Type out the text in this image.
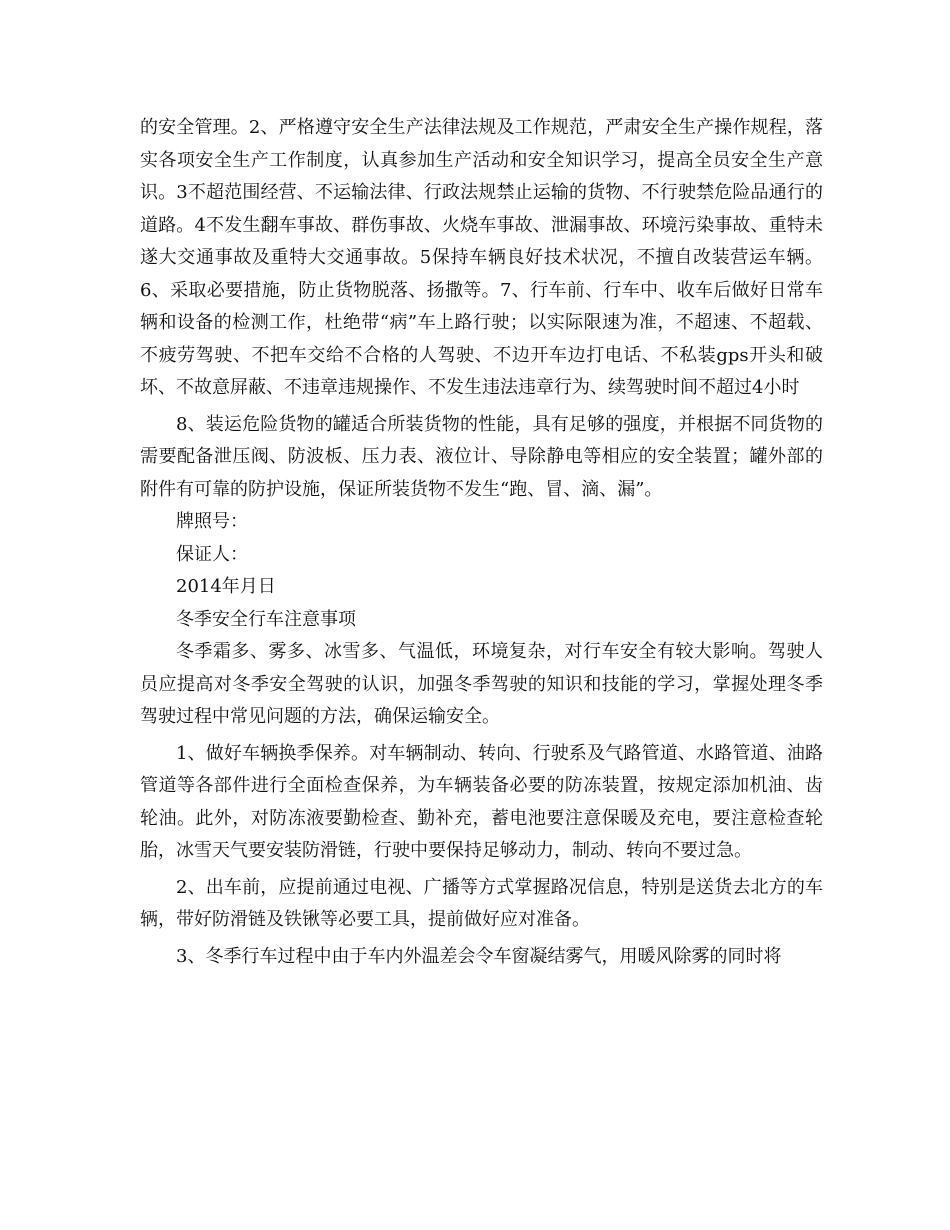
的安全管理。2、严格遵守安全生产法律法规及工作规范，严肃安全生产操作规程，落实各项安全生产工作制度，认真参加生产活动和安全知识学习，提高全员安全生产意识。3不超范围经营、不运输法律、行政法规禁止运输的货物、不行驶禁危险品通行的道路。4不发生翻车事故、群伤事故、火烧车事故、泄漏事故、环境污染事故、重特未遂大交通事故及重特大交通事故。5保持车辆良好技术状况，不擅自改装营运车辆。6、采取必要措施，防止货物脱落、扬撒等。7、行车前、行车中、收车后做好日常车辆和设备的检测工作，杜绝带“病”车上路行驶；以实际限速为准，不超速、不超载、不疲劳驾驶、不把车交给不合格的人驾驶、不边开车边打电话、不私装gps开头和破坏、不故意屏蔽、不违章违规操作、不发生违法违章行为、续驾驶时间不超过4小时

8、装运危险货物的罐适合所装货物的性能，具有足够的强度，并根据不同货物的需要配备泄压阀、防波板、压力表、液位计、导除静电等相应的安全装置；罐外部的附件有可靠的防护设施，保证所装货物不发生“跑、冒、滴、漏”。

牌照号：

保证人：

2014年月日

冬季安全行车注意事项

冬季霜多、雾多、冰雪多、气温低，环境复杂，对行车安全有较大影响。驾驶人员应提高对冬季安全驾驶的认识，加强冬季驾驶的知识和技能的学习，掌握处理冬季驾驶过程中常见问题的方法，确保运输安全。

1、做好车辆换季保养。对车辆制动、转向、行驶系及气路管道、水路管道、油路管道等各部件进行全面检查保养，为车辆装备必要的防冻装置，按规定添加机油、齿轮油。此外，对防冻液要勤检查、勤补充，蓄电池要注意保暖及充电，要注意检查轮胎，冰雪天气要安装防滑链，行驶中要保持足够动力，制动、转向不要过急。

2、出车前，应提前通过电视、广播等方式掌握路况信息，特别是送货去北方的车辆，带好防滑链及铁锹等必要工具，提前做好应对准备。

3、冬季行车过程中由于车内外温差会令车窗凝结雾气，用暖风除雾的同时将
